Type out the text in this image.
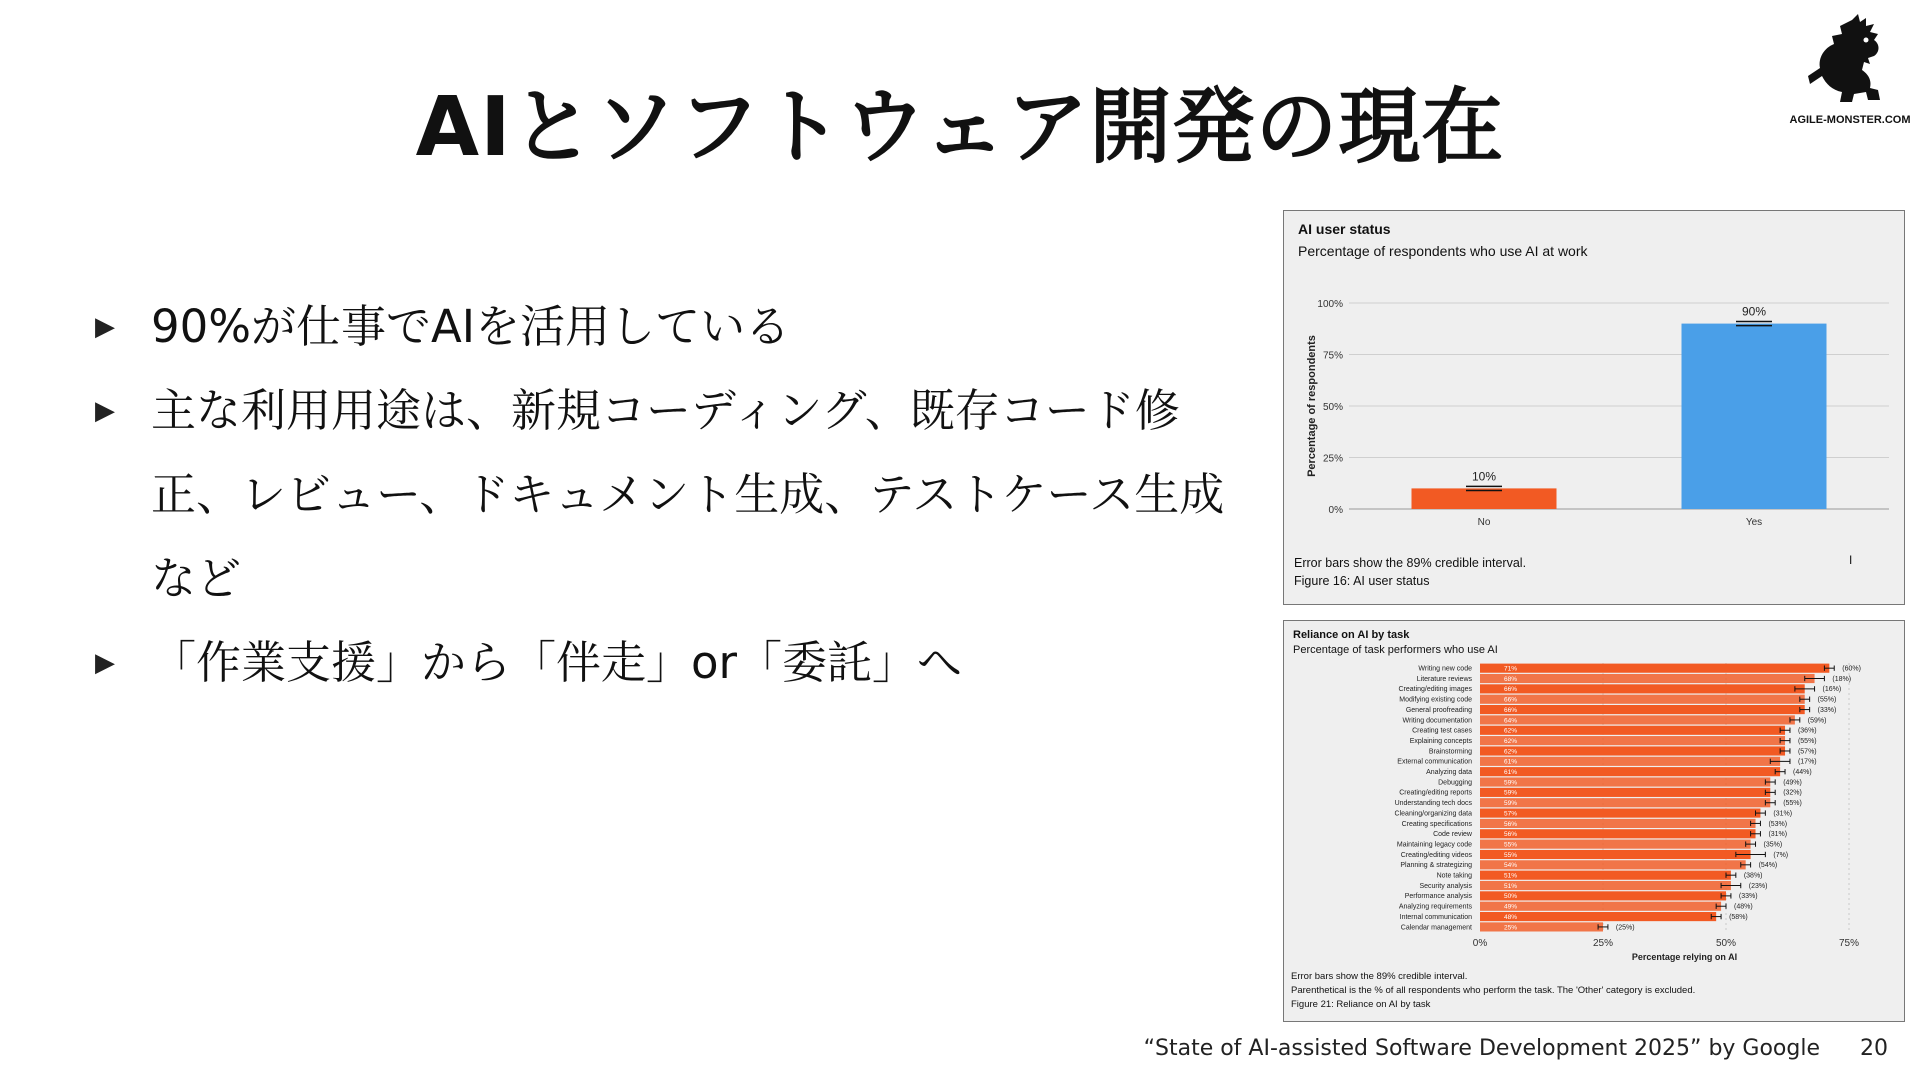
AIとソフトウェア開発の現在	AGILE-MONSTER.COM
▶ 90%が仕事でAIを活用している
▶ 主な利用用途は、新規コーディング、既存コード修正、レビュー、ドキュメント生成、テストケース生成など
▶ 「作業支援」から「伴走」or「委託」へ
AI user status
Percentage of respondents who use AI at work
0%
25%
50%
75%
100%
Percentage of respondents	10%
No
90%
Yes
Error bars show the 89% credible interval.
Figure 16: AI user status
I
Reliance on AI by task
Percentage of task performers who use AI
0%	25%	50%	75%
Percentage relying on AI
Writing new code	71%	(60%)
Literature reviews	68%	(18%)
Creating/editing images	66%	(16%)
Modifying existing code	66%	(55%)
General proofreading	66%	(33%)
Writing documentation	64%	(59%)
Creating test cases	62%	(36%)
Explaining concepts	62%	(55%)
Brainstorming	62%	(57%)
External communication	61%	(17%)
Analyzing data	61%	(44%)
Debugging	59%	(49%)
Creating/editing reports	59%	(32%)
Understanding tech docs	59%	(55%)
Cleaning/organizing data	57%	(31%)
Creating specifications	56%	(53%)
Code review	56%	(31%)
Maintaining legacy code	55%	(35%)
Creating/editing videos	55%	(7%)
Planning & strategizing	54%	(54%)
Note taking	51%	(38%)
Security analysis	51%	(23%)
Performance analysis	50%	(33%)
Analyzing requirements	49%	(48%)
Internal communication	48%	(58%)
Calendar management	25%	(25%)
Error bars show the 89% credible interval.
Parenthetical is the % of all respondents who perform the task. The 'Other' category is excluded.
Figure 21: Reliance on AI by task
“State of AI-assisted Software Development 2025” by Google 20
